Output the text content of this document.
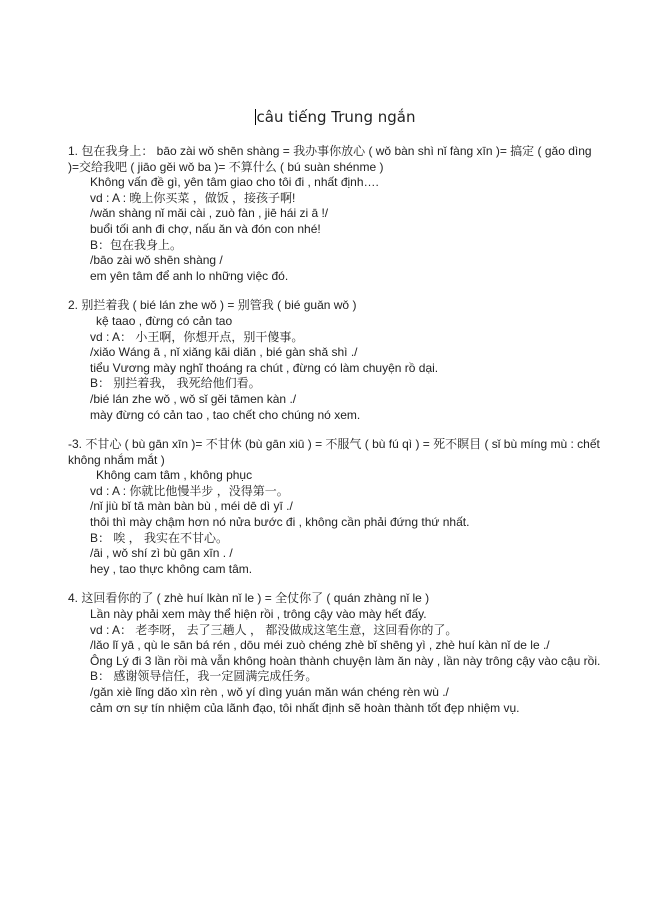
câu tiếng Trung ngắn
1. 包在我身上： bāo zài wǒ shēn shàng = 我办事你放心 ( wǒ bàn shì nǐ fàng xīn )= 搞定 ( gǎo dìng )=交给我吧 ( jiāo gěi wǒ ba )= 不算什么 ( bú suàn shénme )
Không vấn đề gì, yên tâm giao cho tôi đi , nhất định….
vd : A : 晚上你买菜 ，做饭 ，接孩子啊!
/wǎn shàng nǐ mǎi cài , zuò fàn , jiē hái zi ā !/
buổi tối anh đi chợ, nấu ăn và đón con nhé!
B：包在我身上。
/bāo zài wǒ shēn shàng /
em yên tâm để anh lo những việc đó.
2. 别拦着我 ( bié lán zhe wǒ ) = 别管我 ( bié guǎn wǒ )
kệ taao , đừng có cản tao
vd : A： 小王啊，你想开点，别干傻事。
/xiǎo Wáng ā , nǐ xiǎng kāi diǎn , bié gàn shǎ shì ./
tiểu Vương mày nghĩ thoáng ra chút , đừng có làm chuyện rồ dại.
B： 别拦着我， 我死给他们看。
/bié lán zhe wǒ , wǒ sǐ gěi tāmen kàn ./
mày đừng có cản tao , tao chết cho chúng nó xem.
-3. 不甘心 ( bù gān xīn )= 不甘休 (bù gān xiū ) = 不服气 ( bù fú qì ) = 死不瞑目 ( sǐ bù míng mù : chết không nhắm mắt )
Không cam tâm , không phục
vd : A : 你就比他慢半步 ，没得第一。
/nǐ jiù bǐ tā màn bàn bù , méi dē dì yī ./
thôi thì mày chậm hơn nó nửa bước đi , không cần phải đứng thứ nhất.
B： 唉 ， 我实在不甘心。
/āi , wǒ shí zì bù gān xīn . /
hey , tao thực không cam tâm.
4. 这回看你的了 ( zhè huí lkàn nǐ le ) = 全仗你了 ( quán zhàng nǐ le )
Lần này phải xem mày thể hiện rồi , trông cậy vào mày hết đấy.
vd : A： 老李呀， 去了三趟人 ， 都没做成这笔生意，这回看你的了。
/lǎo lǐ yā , qù le sān bá rén , dōu méi zuò chéng zhè bǐ shēng yì , zhè huí kàn nǐ de le ./
Ông Lý đi 3 lần rồi mà vẫn không hoàn thành chuyện làm ăn này , lần này trông cậy vào cậu rồi.
B： 感谢领导信任，我一定圆满完成任务。
/gǎn xiè lǐng dǎo xìn rèn , wǒ yí dìng yuán mǎn wán chéng rèn wù ./
cảm ơn sự tín nhiệm của lãnh đạo, tôi nhất định sẽ hoàn thành tốt đẹp nhiệm vụ.
